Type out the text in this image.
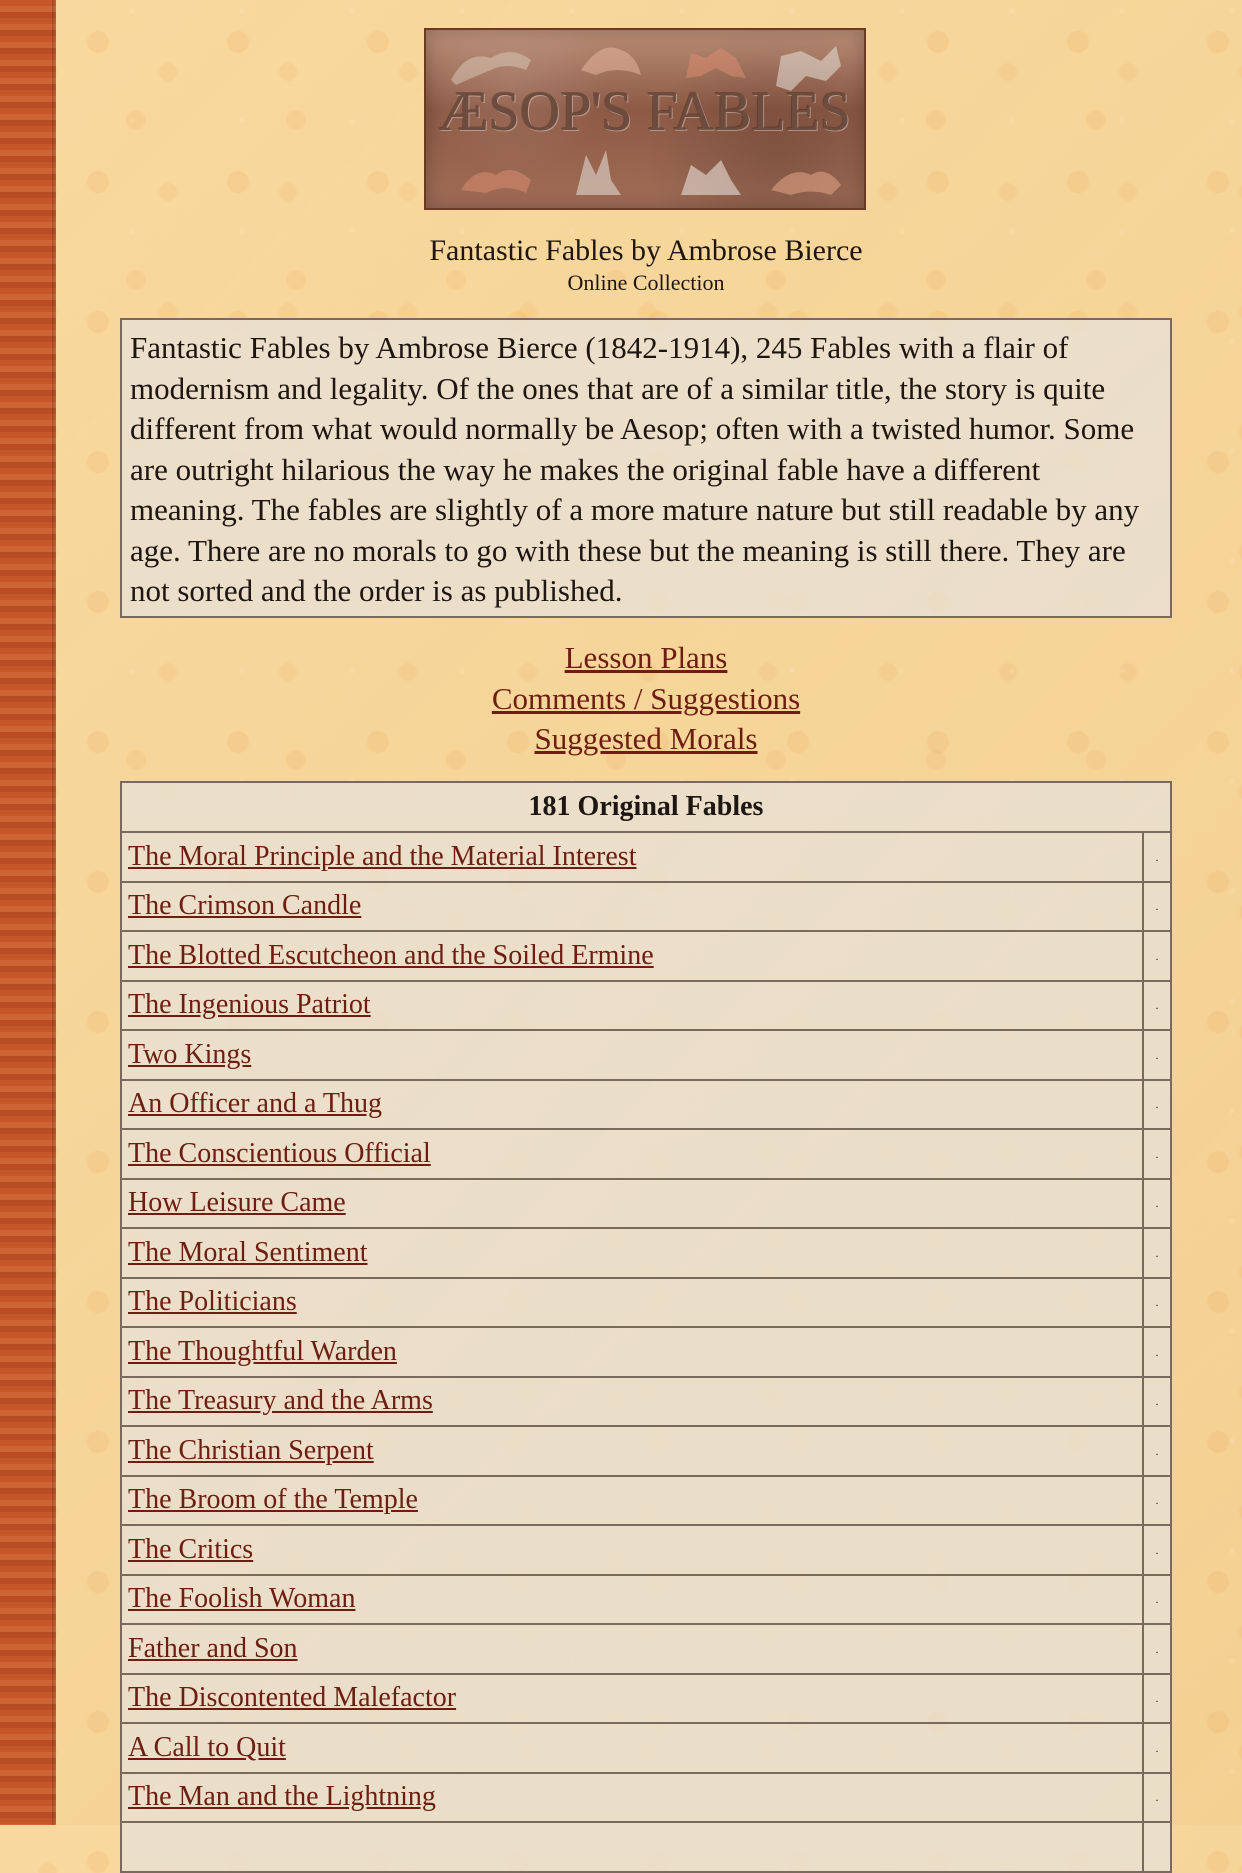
ÆSOP'S FABLES
Fantastic Fables by Ambrose Bierce
Online Collection
Fantastic Fables by Ambrose Bierce (1842-1914), 245 Fables with a flair of modernism and legality. Of the ones that are of a similar title, the story is quite different from what would normally be Aesop; often with a twisted humor. Some are outright hilarious the way he makes the original fable have a different meaning. The fables are slightly of a more mature nature but still readable by any age. There are no morals to go with these but the meaning is still there. They are not sorted and the order is as published.
Lesson Plans
Comments / Suggestions
Suggested Morals
181 Original Fables	
The Moral Principle and the Material Interest	.
The Crimson Candle	.
The Blotted Escutcheon and the Soiled Ermine	.
The Ingenious Patriot	.
Two Kings	.
An Officer and a Thug	.
The Conscientious Official	.
How Leisure Came	.
The Moral Sentiment	.
The Politicians	.
The Thoughtful Warden	.
The Treasury and the Arms	.
The Christian Serpent	.
The Broom of the Temple	.
The Critics	.
The Foolish Woman	.
Father and Son	.
The Discontented Malefactor	.
A Call to Quit	.
The Man and the Lightning	.
